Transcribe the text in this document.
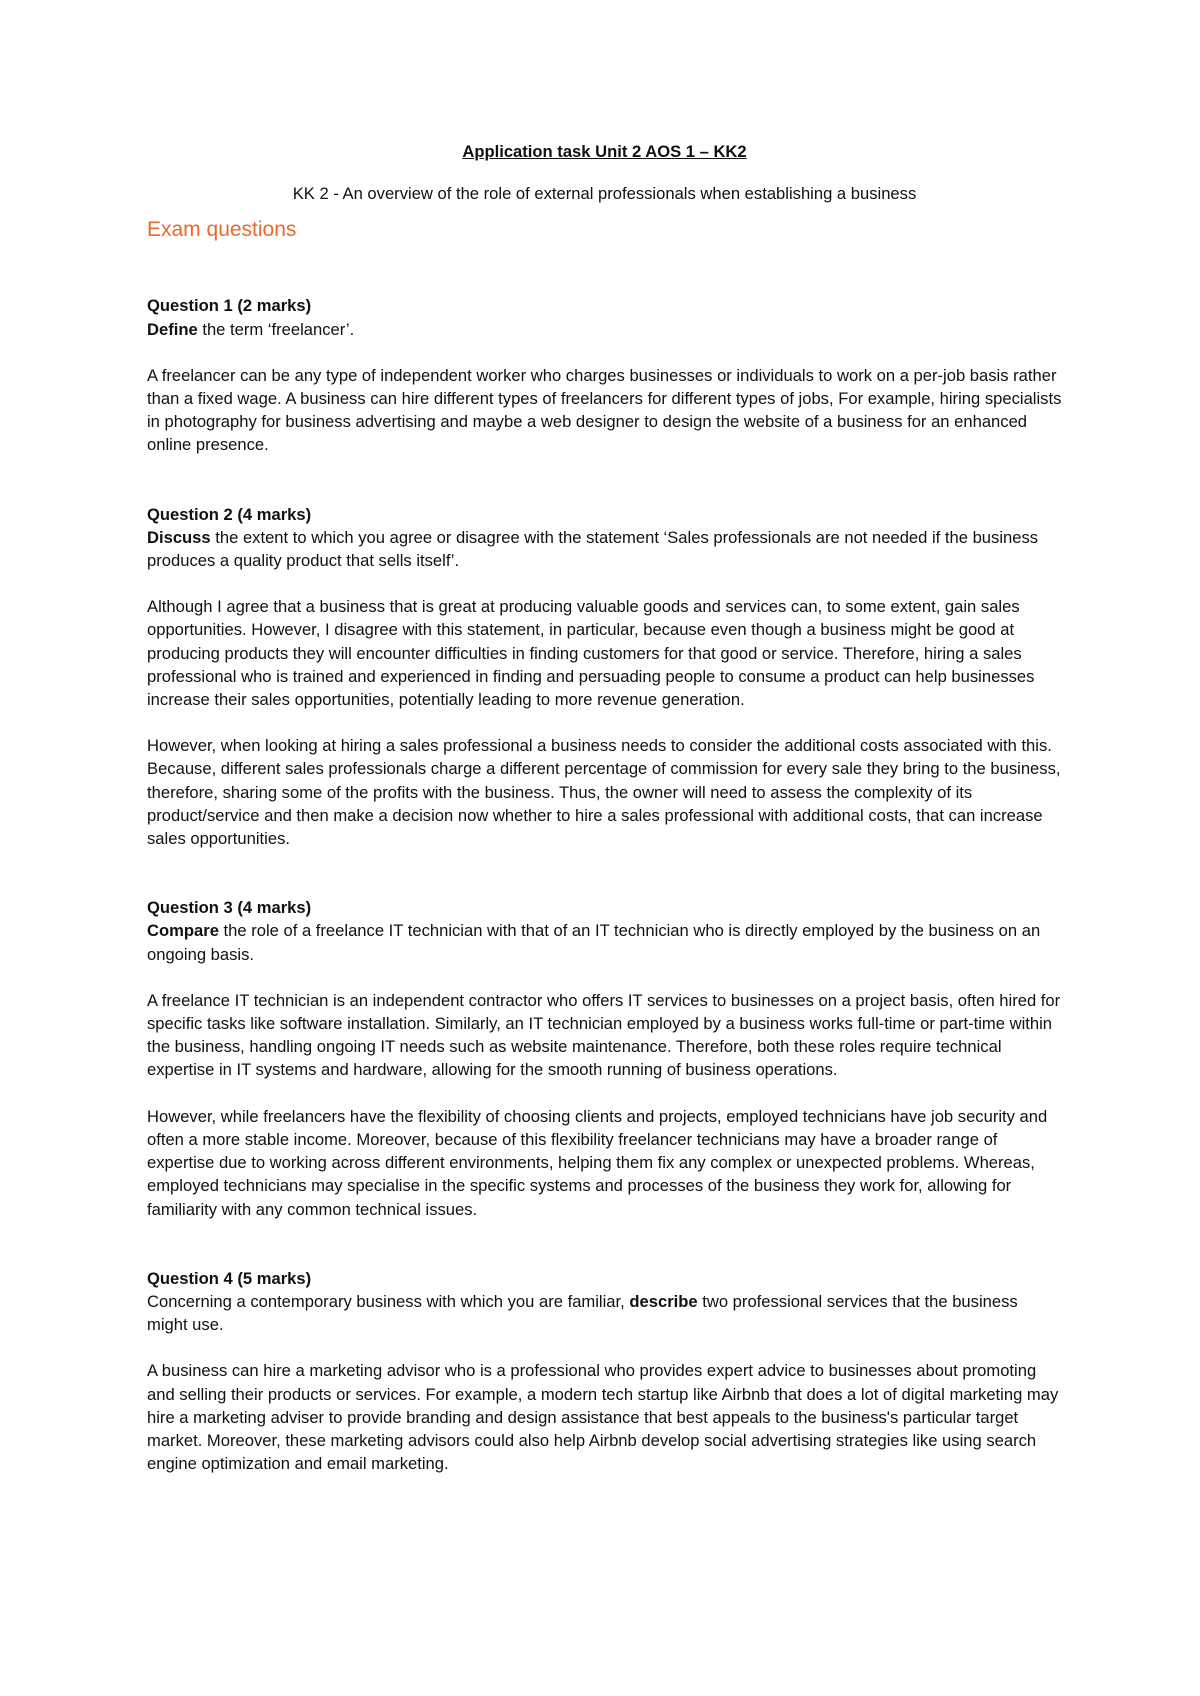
Application task Unit 2 AOS 1 – KK2
KK 2 - An overview of the role of external professionals when establishing a business
Exam questions
Question 1 (2 marks)
Define the term ‘freelancer’.
A freelancer can be any type of independent worker who charges businesses or individuals to work on a per-job basis rather than a fixed wage. A business can hire different types of freelancers for different types of jobs, For example, hiring specialists in photography for business advertising and maybe a web designer to design the website of a business for an enhanced online presence.
Question 2 (4 marks)
Discuss the extent to which you agree or disagree with the statement ‘Sales professionals are not needed if the business produces a quality product that sells itself’.
Although I agree that a business that is great at producing valuable goods and services can, to some extent, gain sales opportunities. However, I disagree with this statement, in particular, because even though a business might be good at producing products they will encounter difficulties in finding customers for that good or service. Therefore, hiring a sales professional who is trained and experienced in finding and persuading people to consume a product can help businesses increase their sales opportunities, potentially leading to more revenue generation.
However, when looking at hiring a sales professional a business needs to consider the additional costs associated with this. Because, different sales professionals charge a different percentage of commission for every sale they bring to the business, therefore, sharing some of the profits with the business. Thus, the owner will need to assess the complexity of its product/service and then make a decision now whether to hire a sales professional with additional costs, that can increase sales opportunities.
Question 3 (4 marks)
Compare the role of a freelance IT technician with that of an IT technician who is directly employed by the business on an ongoing basis.
A freelance IT technician is an independent contractor who offers IT services to businesses on a project basis, often hired for specific tasks like software installation. Similarly, an IT technician employed by a business works full-time or part-time within the business, handling ongoing IT needs such as website maintenance. Therefore, both these roles require technical expertise in IT systems and hardware, allowing for the smooth running of business operations.
However, while freelancers have the flexibility of choosing clients and projects, employed technicians have job security and often a more stable income. Moreover, because of this flexibility freelancer technicians may have a broader range of expertise due to working across different environments, helping them fix any complex or unexpected problems. Whereas, employed technicians may specialise in the specific systems and processes of the business they work for, allowing for familiarity with any common technical issues.
Question 4 (5 marks)
Concerning a contemporary business with which you are familiar, describe two professional services that the business might use.
A business can hire a marketing advisor who is a professional who provides expert advice to businesses about promoting and selling their products or services. For example, a modern tech startup like Airbnb that does a lot of digital marketing may hire a marketing adviser to provide branding and design assistance that best appeals to the business's particular target market. Moreover, these marketing advisors could also help Airbnb develop social advertising strategies like using search engine optimization and email marketing.
